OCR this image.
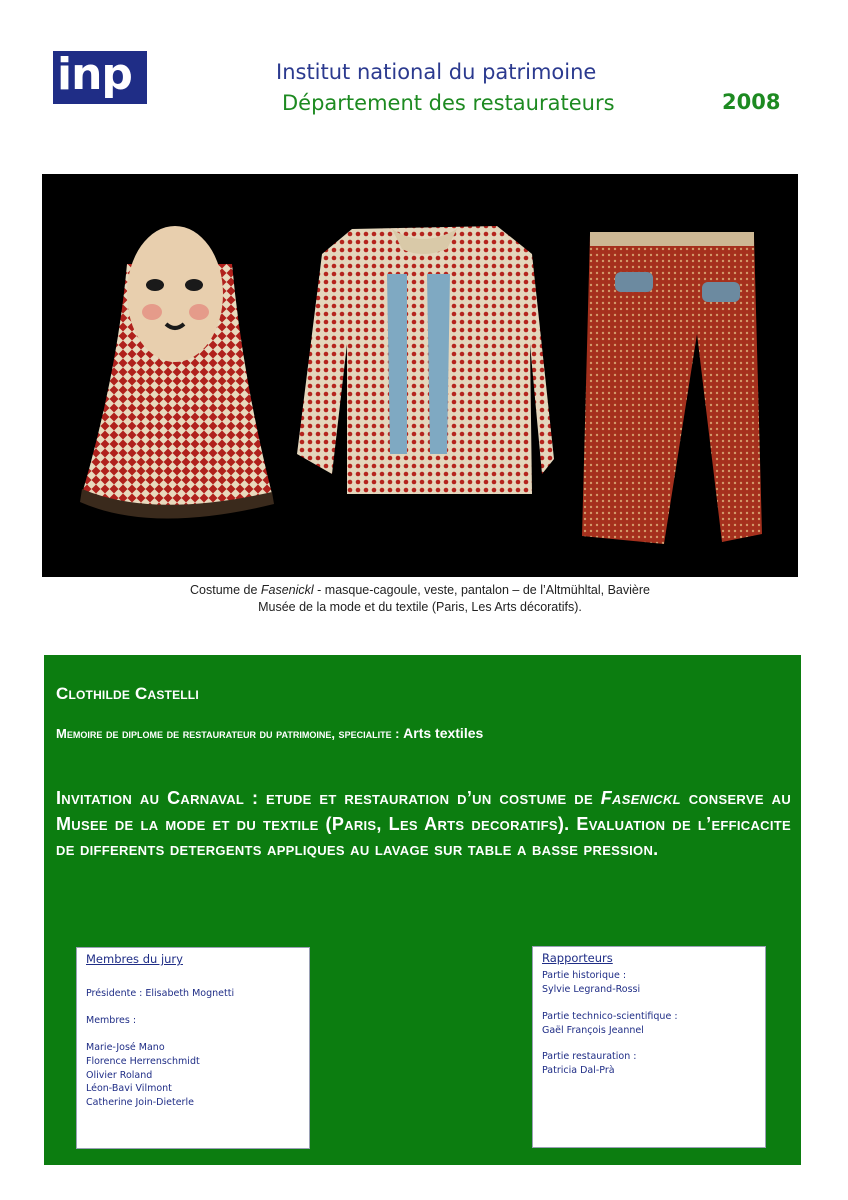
inp	Institut national du patrimoine
Département des restaurateurs	2008
Costume de Fasenickl - masque-cagoule, veste, pantalon – de l’Altmühltal, Bavière
Musée de la mode et du textile (Paris, Les Arts décoratifs).
Clothilde Castelli
Memoire de diplome de restaurateur du patrimoine, specialite : Arts textiles
Invitation au Carnaval : etude et restauration d’un costume de Fasenickl conserve au Musee de la mode et du textile (Paris, Les Arts decoratifs). Evaluation de l’efficacite de differents detergents appliques au lavage sur table a basse pression.
Membres du jury
Présidente : Elisabeth Mognetti
Membres :
Marie-José Mano
Florence Herrenschmidt
Olivier Roland
Léon-Bavi Vilmont
Catherine Join-Dieterle
Rapporteurs
Partie historique :
Sylvie Legrand-Rossi
Partie technico-scientifique :
Gaël François Jeannel
Partie restauration :
Patricia Dal-Prà
